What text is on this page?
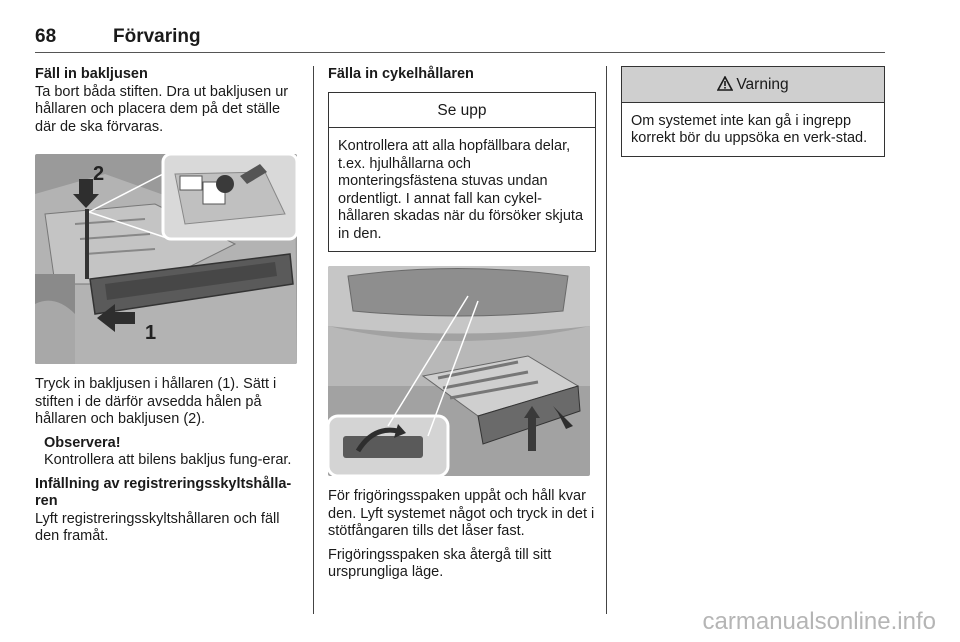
68	Förvaring
Fäll in bakljusen

Ta bort båda stiften. Dra ut bakljusen ur hållaren och placera dem på det ställe där de ska förvaras.

2
1

Tryck in bakljusen i hållaren (1). Sätt i stiften i de därför avsedda hålen på hållaren och bakljusen (2).

Observera!
Kontrollera att bilens bakljus fung-erar.
Infällning av registreringsskyltshålla-ren

Lyft registreringsskyltshållaren och fäll den framåt.

Fälla in cykelhållaren
Se upp
Kontrollera att alla hopfällbara delar, t.ex. hjulhållarna och monteringsfästena stuvas undan ordentligt. I annat fall kan cykel-hållaren skadas när du försöker skjuta in den.

För frigöringsspaken uppåt och håll kvar den. Lyft systemet något och tryck in det i stötfångaren tills det låser fast.

Frigöringsspaken ska återgå till sitt ursprungliga läge.

Varning
Om systemet inte kan gå i ingrepp korrekt bör du uppsöka en verk-stad.
carmanualsonline.info
